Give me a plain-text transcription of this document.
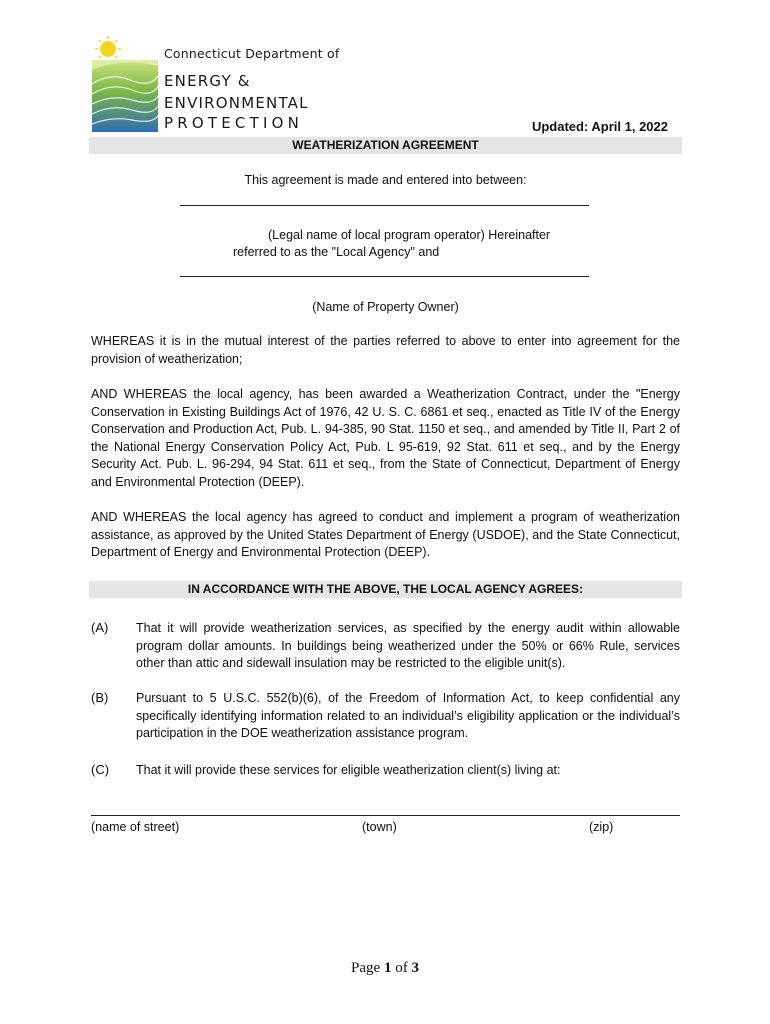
Connecticut Department of
ENERGY &
ENVIRONMENTAL
PROTECTION	Updated: April 1, 2022
WEATHERIZATION AGREEMENT
This agreement is made and entered into between:
(Legal name of local program operator) Hereinafter
referred to as the "Local Agency" and
(Name of Property Owner)
WHEREAS it is in the mutual interest of the parties referred to above to enter into agreement for the provision of weatherization;
AND WHEREAS the local agency, has been awarded a Weatherization Contract, under the "Energy Conservation in Existing Buildings Act of 1976, 42 U. S. C. 6861 et seq., enacted as Title IV of the Energy Conservation and Production Act, Pub. L. 94-385, 90 Stat. 1150 et seq., and amended by Title II, Part 2 of the National Energy Conservation Policy Act, Pub. L 95-619, 92 Stat. 611 et seq., and by the Energy Security Act. Pub. L. 96-294, 94 Stat. 611 et seq., from the State of Connecticut, Department of Energy and Environmental Protection (DEEP).
AND WHEREAS the local agency has agreed to conduct and implement a program of weatherization assistance, as approved by the United States Department of Energy (USDOE), and the State Connecticut, Department of Energy and Environmental Protection (DEEP).
IN ACCORDANCE WITH THE ABOVE, THE LOCAL AGENCY AGREES:
(A) That it will provide weatherization services, as specified by the energy audit within allowable program dollar amounts. In buildings being weatherized under the 50% or 66% Rule, services other than attic and sidewall insulation may be restricted to the eligible unit(s).
(B) Pursuant to 5 U.S.C. 552(b)(6), of the Freedom of Information Act, to keep confidential any specifically identifying information related to an individual’s eligibility application or the individual’s participation in the DOE weatherization assistance program.
(C) That it will provide these services for eligible weatherization client(s) living at:
(name of street)	(town)	(zip)
Page 1 of 3
